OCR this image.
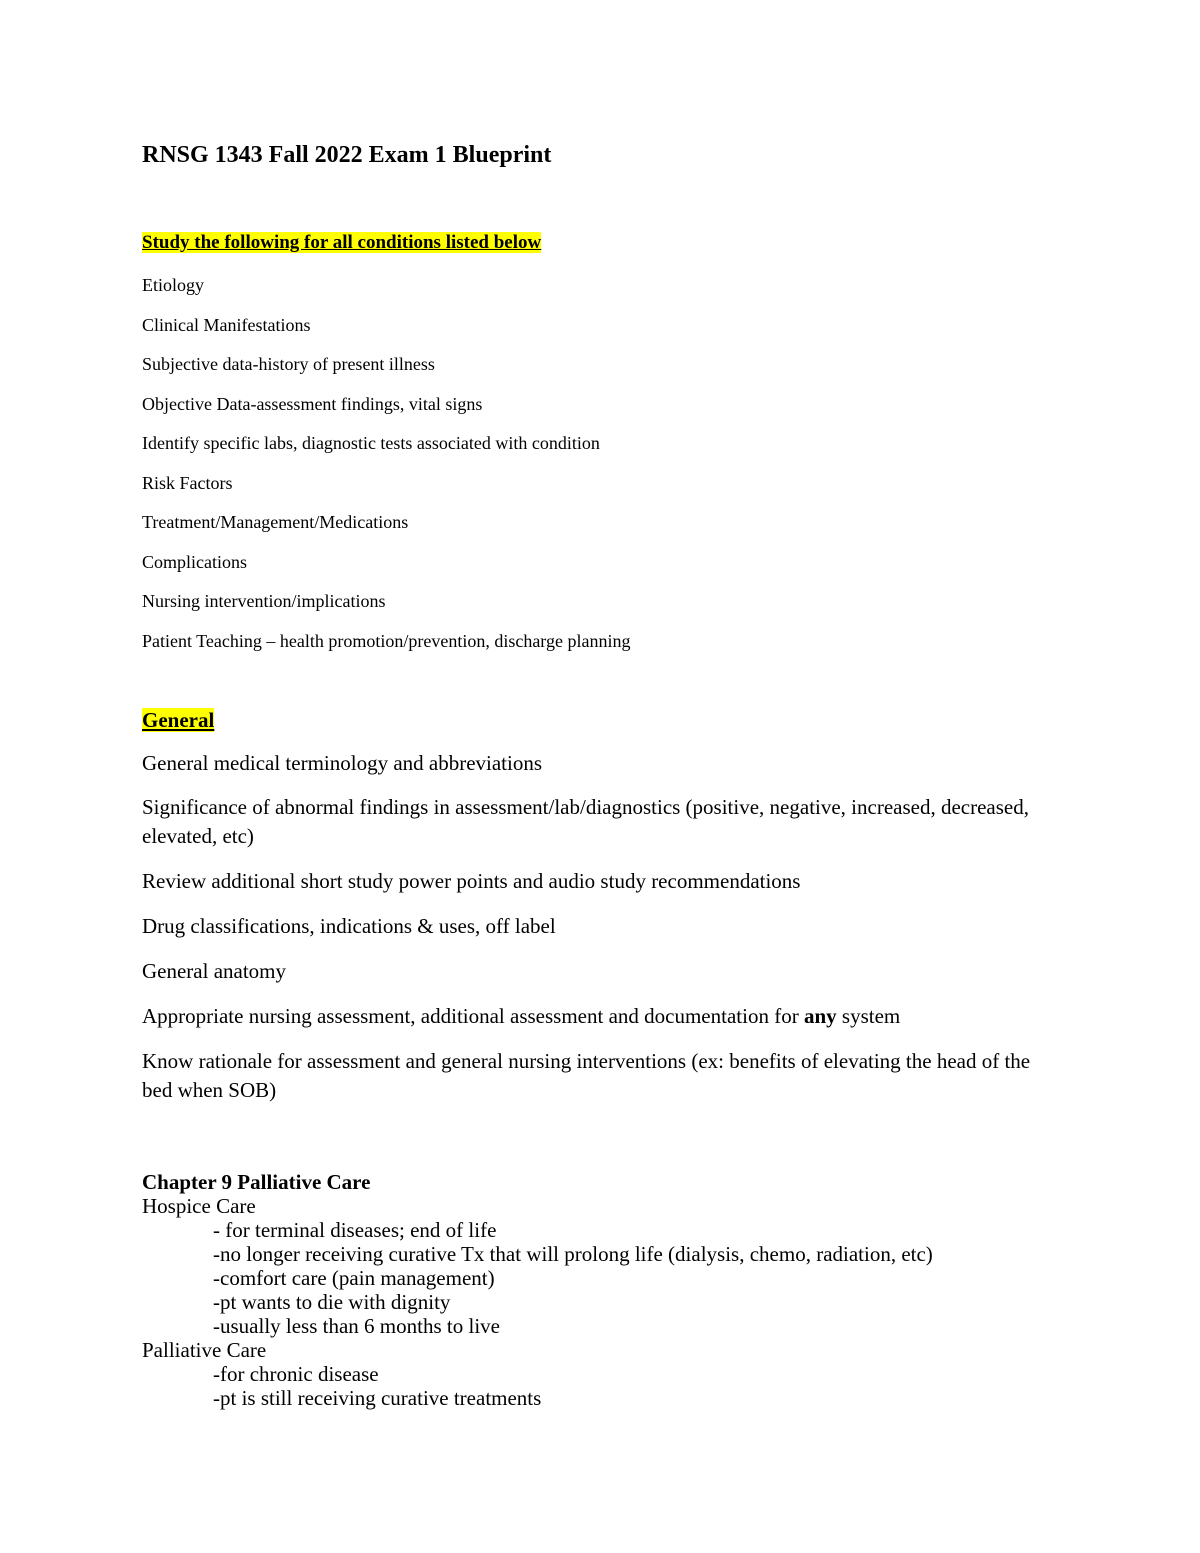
RNSG 1343 Fall 2022 Exam 1 Blueprint
Study the following for all conditions listed below
Etiology
Clinical Manifestations
Subjective data-history of present illness
Objective Data-assessment findings, vital signs
Identify specific labs, diagnostic tests associated with condition
Risk Factors
Treatment/Management/Medications
Complications
Nursing intervention/implications
Patient Teaching – health promotion/prevention, discharge planning
General
General medical terminology and abbreviations
Significance of abnormal findings in assessment/lab/diagnostics (positive, negative, increased, decreased, elevated, etc)
Review additional short study power points and audio study recommendations
Drug classifications, indications & uses, off label
General anatomy
Appropriate nursing assessment, additional assessment and documentation for any system
Know rationale for assessment and general nursing interventions (ex: benefits of elevating the head of the bed when SOB)
Chapter 9 Palliative Care
Hospice Care
- for terminal diseases; end of life
-no longer receiving curative Tx that will prolong life (dialysis, chemo, radiation, etc)
-comfort care (pain management)
-pt wants to die with dignity
-usually less than 6 months to live
Palliative Care
-for chronic disease
-pt is still receiving curative treatments
